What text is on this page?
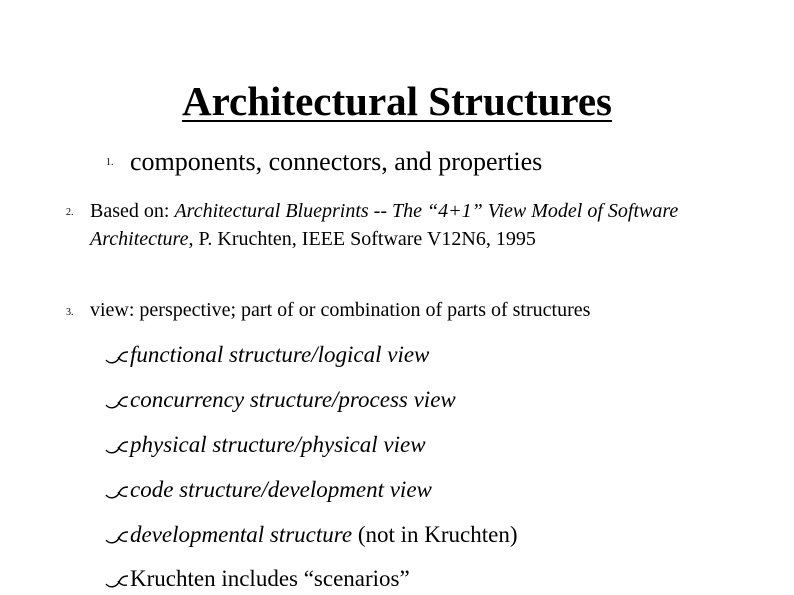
Architectural Structures
1. components, connectors, and properties
2. Based on: Architectural Blueprints -- The “4+1” View Model of Software Architecture, P. Kruchten, IEEE Software V12N6, 1995
3. view: perspective; part of or combination of parts of structures
functional structure/logical view
concurrency structure/process view
physical structure/physical view
code structure/development view
developmental structure (not in Kruchten)
Kruchten includes “scenarios”
